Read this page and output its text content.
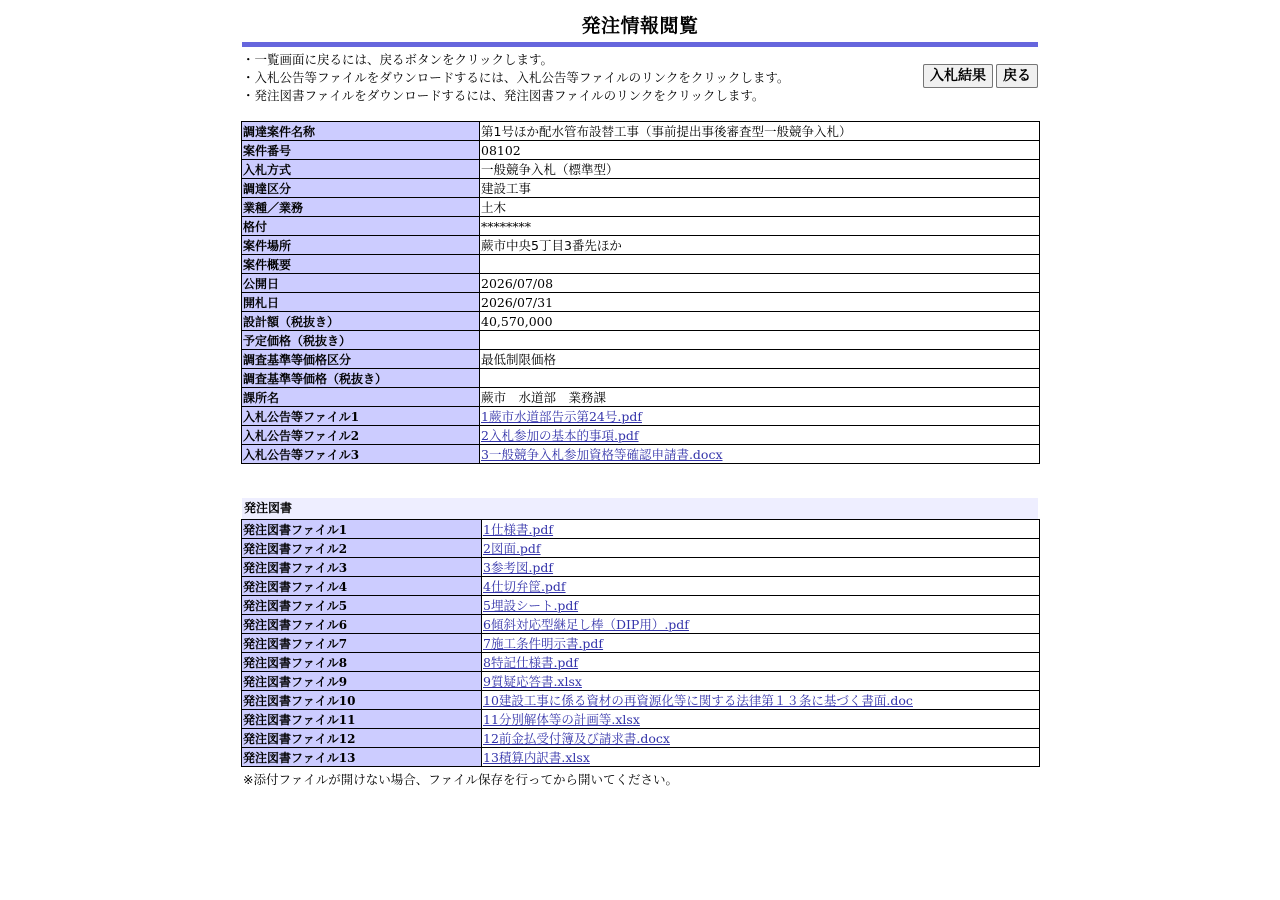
発注情報閲覧

・一覧画面に戻るには、戻るボタンをクリックします。

・入札公告等ファイルをダウンロードするには、入札公告等ファイルのリンクをクリックします。

・発注図書ファイルをダウンロードするには、発注図書ファイルのリンクをクリックします。

入札結果	戻る
調達案件名称	第1号ほか配水管布設替工事（事前提出事後審査型一般競争入札）
案件番号	08102
入札方式	一般競争入札（標準型）
調達区分	建設工事
業種／業務	土木
格付	********
案件場所	蕨市中央5丁目3番先ほか
案件概要	
公開日	2026/07/08
開札日	2026/07/31
設計額（税抜き）	40,570,000
予定価格（税抜き）	
調査基準等価格区分	最低制限価格
調査基準等価格（税抜き）	
課所名	蕨市　水道部　業務課
入札公告等ファイル1	1蕨市水道部告示第24号.pdf
入札公告等ファイル2	2入札参加の基本的事項.pdf
入札公告等ファイル3	3一般競争入札参加資格等確認申請書.docx
発注図書
発注図書ファイル1	1仕様書.pdf
発注図書ファイル2	2図面.pdf
発注図書ファイル3	3参考図.pdf
発注図書ファイル4	4仕切弁筐.pdf
発注図書ファイル5	5埋設シート.pdf
発注図書ファイル6	6傾斜対応型継足し棒（DIP用）.pdf
発注図書ファイル7	7施工条件明示書.pdf
発注図書ファイル8	8特記仕様書.pdf
発注図書ファイル9	9質疑応答書.xlsx
発注図書ファイル10	10建設工事に係る資材の再資源化等に関する法律第１３条に基づく書面.doc
発注図書ファイル11	11分別解体等の計画等.xlsx
発注図書ファイル12	12前金払受付簿及び請求書.docx
発注図書ファイル13	13積算内訳書.xlsx
※添付ファイルが開けない場合、ファイル保存を行ってから開いてください。
